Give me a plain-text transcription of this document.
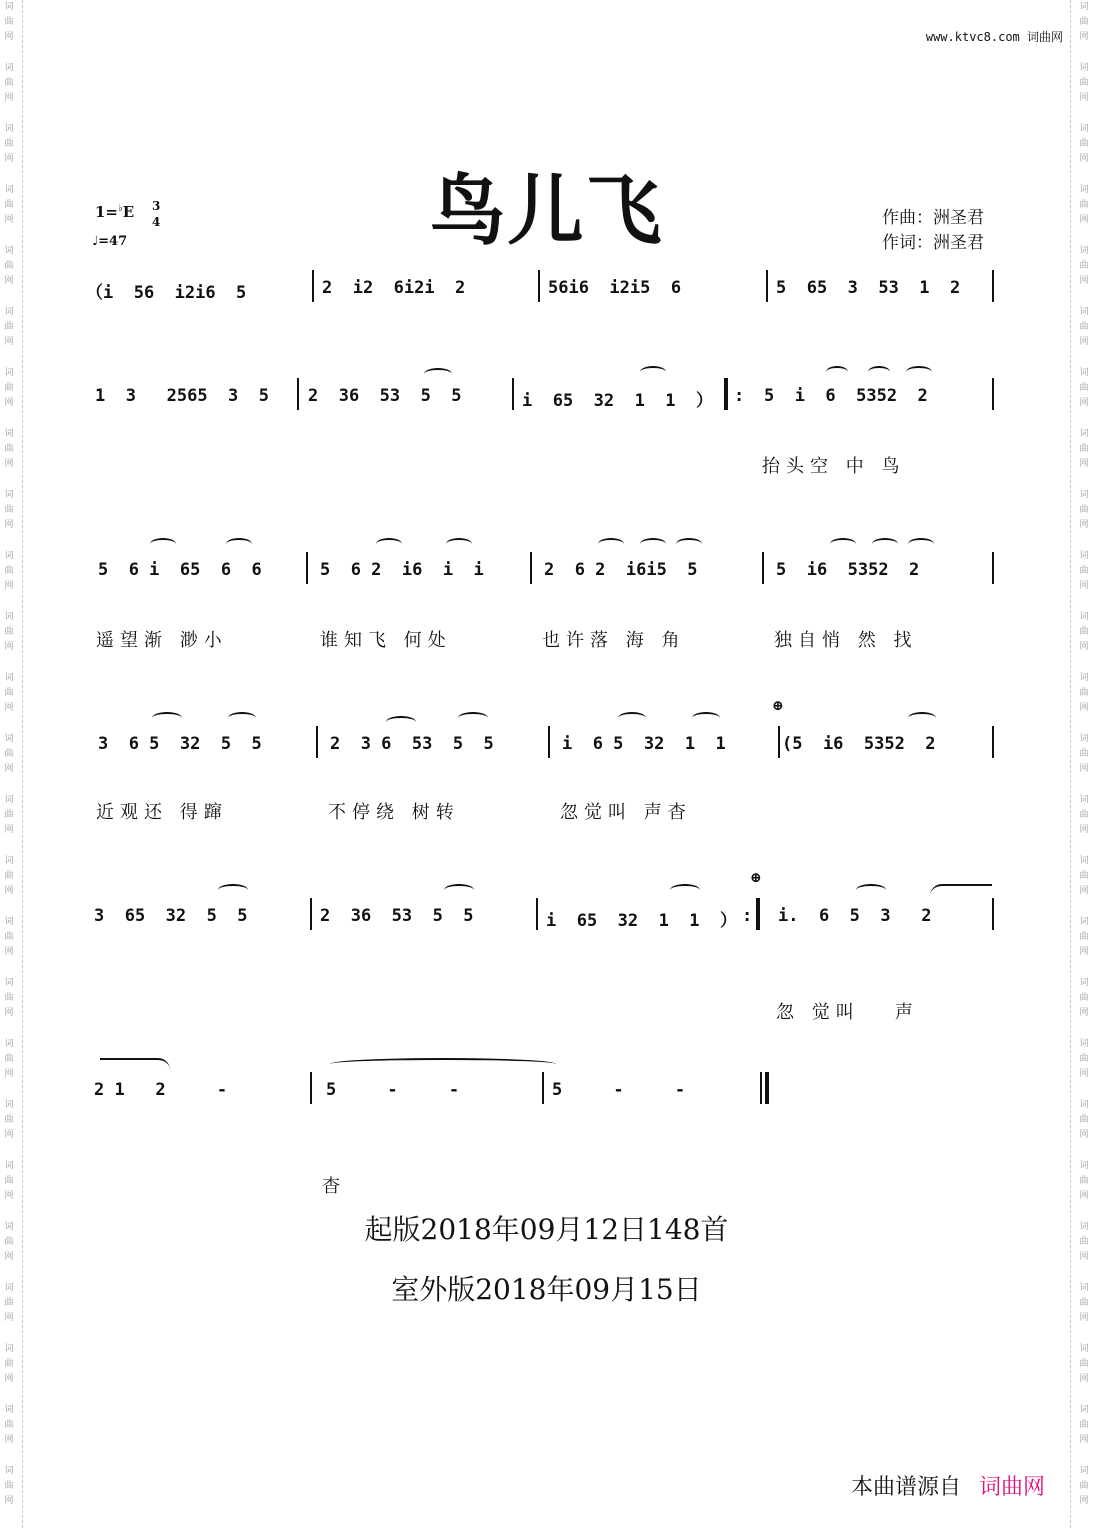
词
曲
网
词
曲
网
词
曲
网
词
曲
网
词
曲
网
词
曲
网
词
曲
网
词
曲
网
词
曲
网
词
曲
网
词
曲
网
词
曲
网
词
曲
网
词
曲
网
词
曲
网
词
曲
网
词
曲
网
词
曲
网
词
曲
网
词
曲
网
词
曲
网
词
曲
网
词
曲
网
词
曲
网
词
曲
网
词
曲
网
词
曲
网
词
曲
网
词
曲
网
词
曲
网
词
曲
网
词
曲
网
词
曲
网
词
曲
网
词
曲
网
词
曲
网
词
曲
网
词
曲
网
词
曲
网
词
曲
网
词
曲
网
词
曲
网
词
曲
网
词
曲
网
词
曲
网
词
曲
网
词
曲
网
词
曲
网
词
曲
网
词
曲
网
www.ktvc8.com 词曲网
鸟儿飞
1=♭E 3
4
♩=47
作曲：洲圣君
作词：洲圣君
（i  56  i2i6  5	2  i2  6i2i  2	56i6  i2i5  6	5  65  3  53  1  2
1  3   2565  3  5 2  36  53  5  5	i  65  32  1  1  ） : 5  i  6  5352  2
抬头空 中 鸟
5  6 i  65  6  6	5  6 2  i6  i  i	2  6 2  i6i5  5	5  i6  5352  2
遥望渐 渺小	谁知飞 何处	也许落 海 角	独自悄 然 找
3  6 5  32  5  5	2  3 6  53  5  5	i  6 5  32  1  1
⊕
(5  i6  5352  2
近观还 得蹿	不停绕 树转	忽觉叫 声杳
3  65  32  5  5	2  36  53  5  5	i  65  32  1  1  ） :
⊕
i.  6  5  3   2
忽 觉叫   声
2 1   2     -	5     -     -	5     -     -
杳
起版2018年09月12日148首
室外版2018年09月15日
本曲谱源自 词曲网
